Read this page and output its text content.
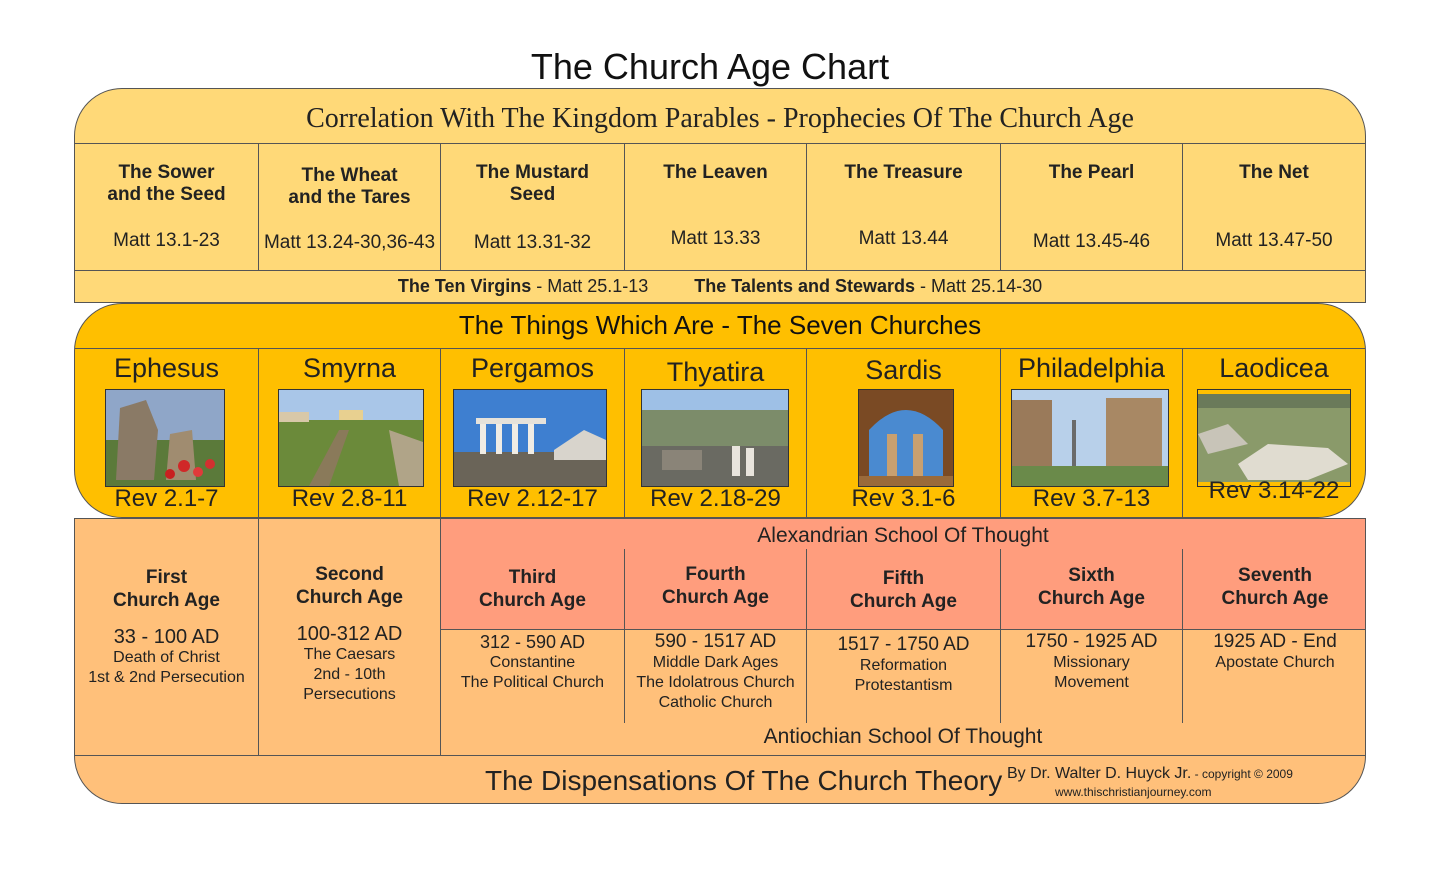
The Church Age Chart
Correlation With The Kingdom Parables - Prophecies Of The Church Age
The Sower
and the Seed
Matt 13.1-23
The Wheat
and the Tares
Matt 13.24-30,36-43
The Mustard
Seed
Matt 13.31-32
The Leaven
Matt 13.33
The Treasure
Matt 13.44
The Pearl
Matt 13.45-46
The Net
Matt 13.47-50
The Ten Virgins - Matt 25.1-13	The Talents and Stewards - Matt 25.14-30
Alexandrian School Of Thought
Antiochian School Of Thought
First
Church Age
33 - 100 AD
Death of Christ
1st & 2nd Persecution
Second
Church Age
100-312 AD
The Caesars
2nd - 10th
Persecutions
Third
Church Age
312 - 590 AD
Constantine
The Political Church
Fourth
Church Age
590 - 1517 AD
Middle Dark Ages
The Idolatrous Church
Catholic Church
Fifth
Church Age
1517 - 1750 AD
Reformation
Protestantism
Sixth
Church Age
1750 - 1925 AD
Missionary
Movement
Seventh
Church Age
1925 AD - End
Apostate Church
The Dispensations Of The Church Theory By Dr. Walter D. Huyck Jr. - copyright © 2009
www.thischristianjourney.com
The Things Which Are - The Seven Churches
Ephesus
Rev 2.1-7
Smyrna
Rev 2.8-11
Pergamos
Rev 2.12-17
Thyatira
Rev 2.18-29
Sardis
Rev 3.1-6
Philadelphia
Rev 3.7-13
Laodicea
Rev 3.14-22
